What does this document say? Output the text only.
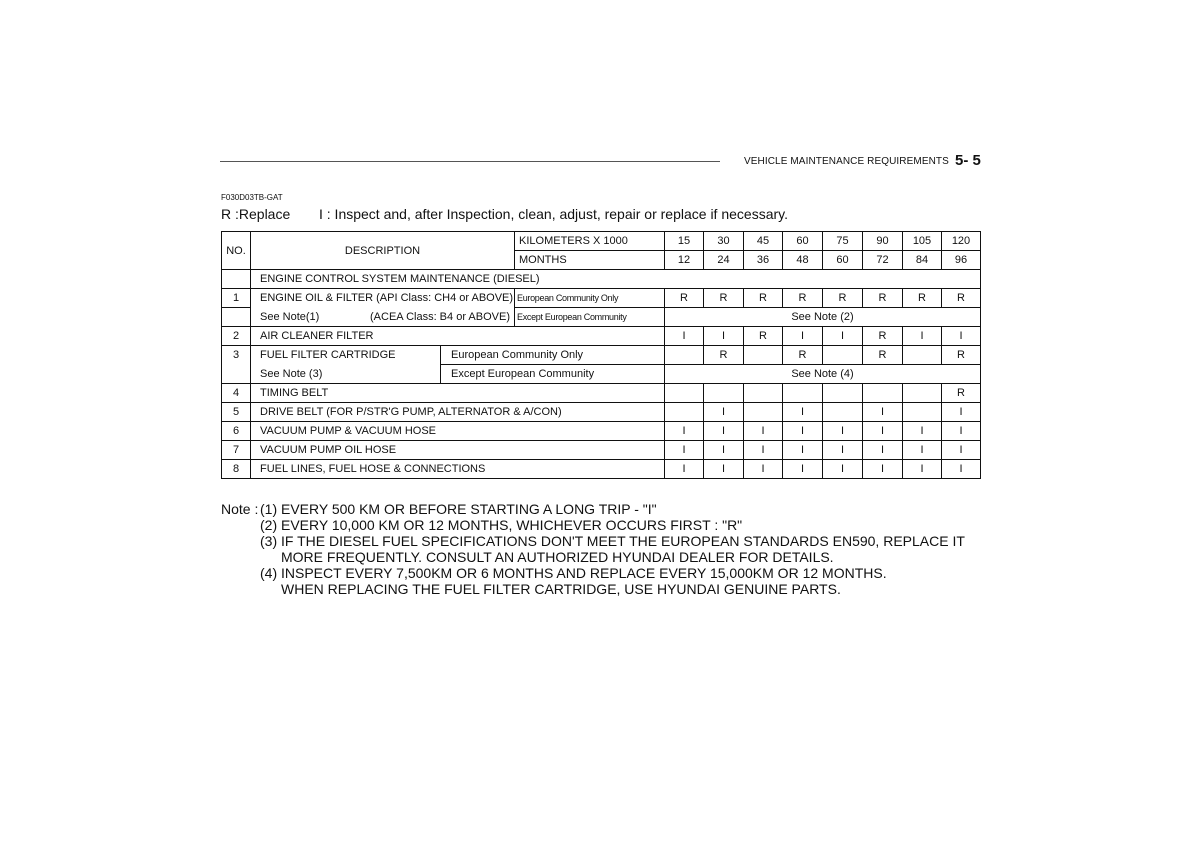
VEHICLE MAINTENANCE REQUIREMENTS 5- 5
F030D03TB-GAT
R :Replace I : Inspect and, after Inspection, clean, adjust, repair or replace if necessary.
NO.	DESCRIPTION		KILOMETERS X 1000	15	30	45	60	75	90	105	120
			MONTHS	12	24	36	48	60	72	84	96
	ENGINE CONTROL SYSTEM MAINTENANCE (DIESEL)										
1	ENGINE OIL & FILTER (API Class: CH4 or ABOVE)		European Community Only	R	R	R	R	R	R	R	R

	See Note(1) (ACEA Class: B4 or ABOVE)		Except European Community	See Note (2)							
2	AIR CLEANER FILTER			I	I	R	I	I	R	I	I
3	FUEL FILTER CARTRIDGE	European Community Only			R		R		R		R
	See Note (3)	Except European Community		See Note (4)							
4	TIMING BELT										R
5	DRIVE BELT (FOR P/STR'G PUMP, ALTERNATOR & A/CON)				I		I		I		I
6	VACUUM PUMP & VACUUM HOSE			I	I	I	I	I	I	I	I
7	VACUUM PUMP OIL HOSE			I	I	I	I	I	I	I	I
8	FUEL LINES, FUEL HOSE & CONNECTIONS			I	I	I	I	I	I	I	I
Note : (1) EVERY 500 KM OR BEFORE STARTING A LONG TRIP - "I"
(2) EVERY 10,000 KM OR 12 MONTHS, WHICHEVER OCCURS FIRST : "R"
(3) IF THE DIESEL FUEL SPECIFICATIONS DON'T MEET THE EUROPEAN STANDARDS EN590, REPLACE IT
MORE FREQUENTLY. CONSULT AN AUTHORIZED HYUNDAI DEALER FOR DETAILS.
(4) INSPECT EVERY 7,500KM OR 6 MONTHS AND REPLACE EVERY 15,000KM OR 12 MONTHS.
WHEN REPLACING THE FUEL FILTER CARTRIDGE, USE HYUNDAI GENUINE PARTS.
